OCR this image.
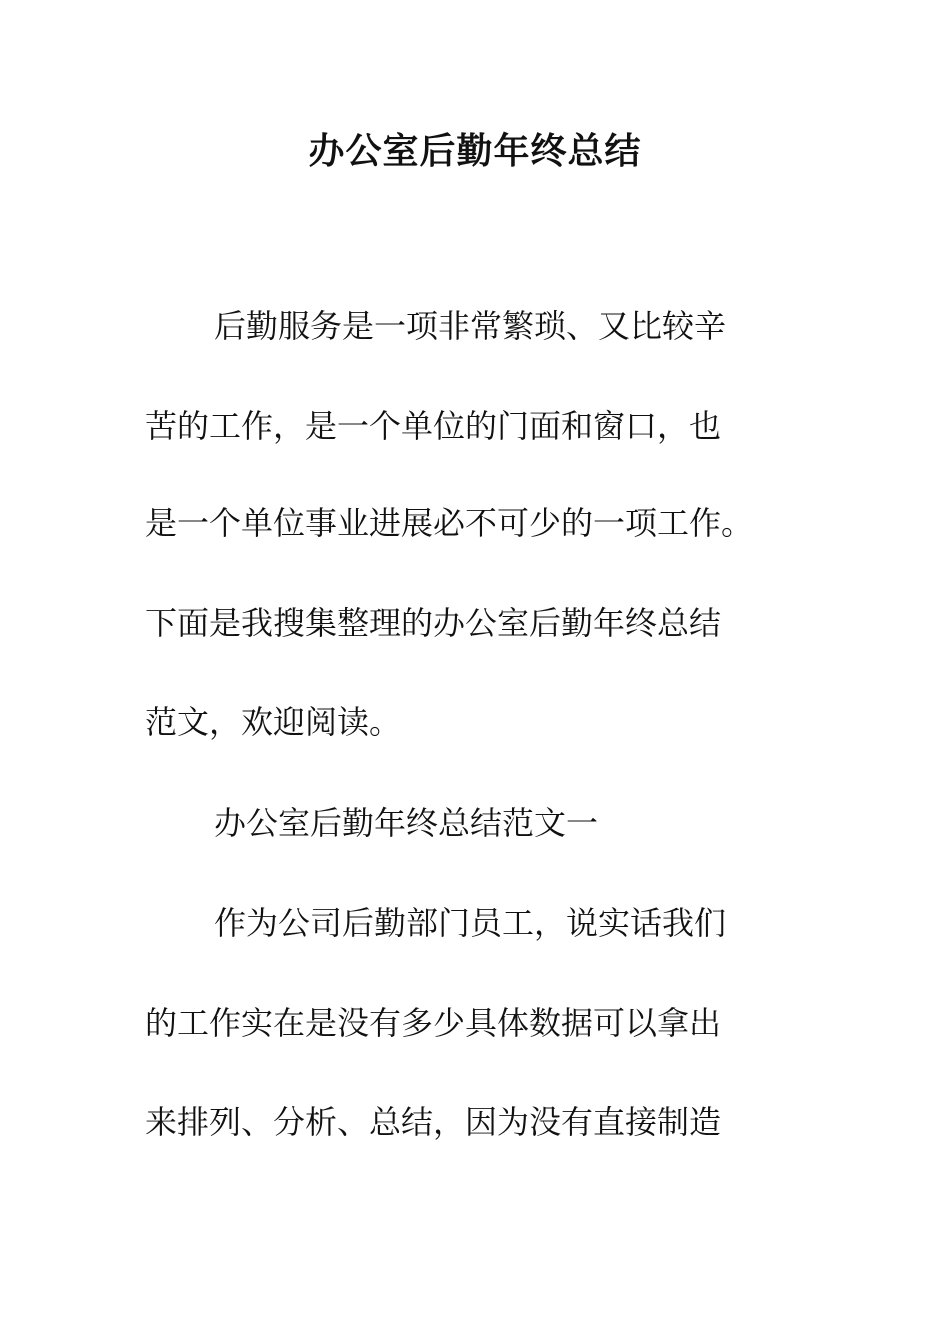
办公室后勤年终总结
后勤服务是一项非常繁琐、又比较辛
苦的工作，是一个单位的门面和窗口，也
是一个单位事业进展必不可少的一项工作。
下面是我搜集整理的办公室后勤年终总结
范文，欢迎阅读。
办公室后勤年终总结范文一
作为公司后勤部门员工，说实话我们
的工作实在是没有多少具体数据可以拿出
来排列、分析、总结，因为没有直接制造
